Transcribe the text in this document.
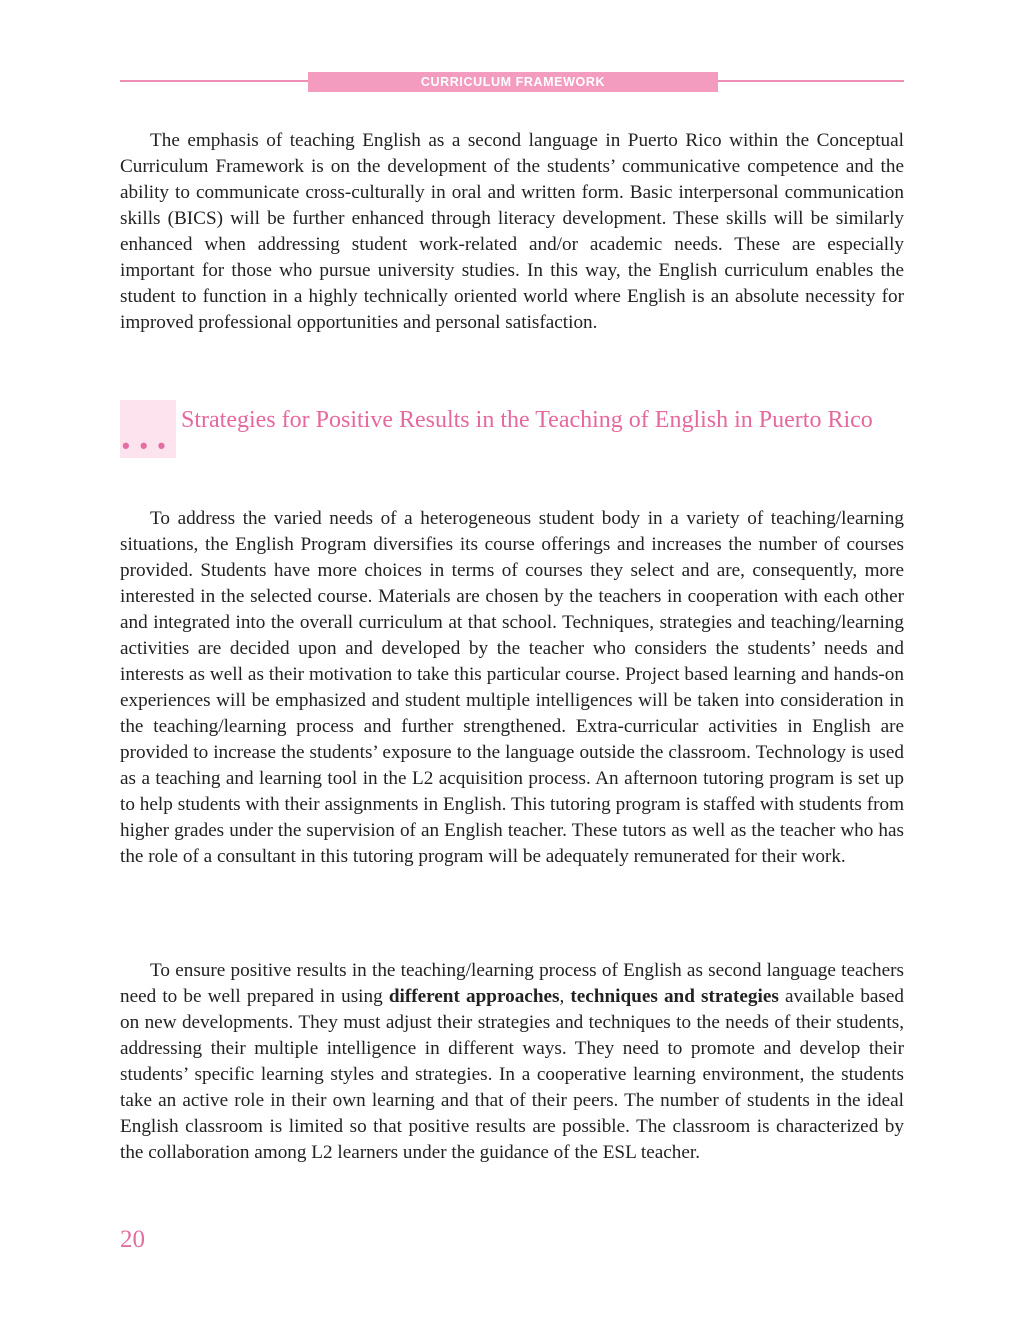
CURRICULUM FRAMEWORK

The emphasis of teaching English as a second language in Puerto Rico within the Conceptual Curriculum Framework is on the development of the students’ communicative competence and the ability to communicate cross-culturally in oral and written form. Basic interpersonal communication skills (BICS) will be further enhanced through literacy development. These skills will be similarly enhanced when addressing student work-related and/or academic needs. These are especially important for those who pursue university studies. In this way, the English curriculum enables the student to function in a highly technically oriented world where English is an absolute necessity for improved professional opportunities and personal satisfaction.

• • •
Strategies for Positive Results in the Teaching of English in Puerto Rico

To address the varied needs of a heterogeneous student body in a variety of teaching/learning situations, the English Program diversifies its course offerings and increases the number of courses provided. Students have more choices in terms of courses they select and are, consequently, more interested in the selected course. Materials are chosen by the teachers in cooperation with each other and integrated into the overall curriculum at that school. Techniques, strategies and teaching/learning activities are decided upon and developed by the teacher who considers the students’ needs and interests as well as their motivation to take this particular course. Project based learning and hands-on experiences will be emphasized and student multiple intelligences will be taken into consideration in the teaching/learning process and further strengthened. Extra-curricular activities in English are provided to increase the students’ exposure to the language outside the classroom. Technology is used as a teaching and learning tool in the L2 acquisition process. An afternoon tutoring program is set up to help students with their assignments in English. This tutoring program is staffed with students from higher grades under the supervision of an English teacher. These tutors as well as the teacher who has the role of a consultant in this tutoring program will be adequately remunerated for their work.

To ensure positive results in the teaching/learning process of English as second language teachers need to be well prepared in using different approaches, techniques and strategies available based on new developments. They must adjust their strategies and techniques to the needs of their students, addressing their multiple intelligence in different ways. They need to promote and develop their students’ specific learning styles and strategies. In a cooperative learning environment, the students take an active role in their own learning and that of their peers. The number of students in the ideal English classroom is limited so that positive results are possible. The classroom is characterized by the collaboration among L2 learners under the guidance of the ESL teacher.

20
